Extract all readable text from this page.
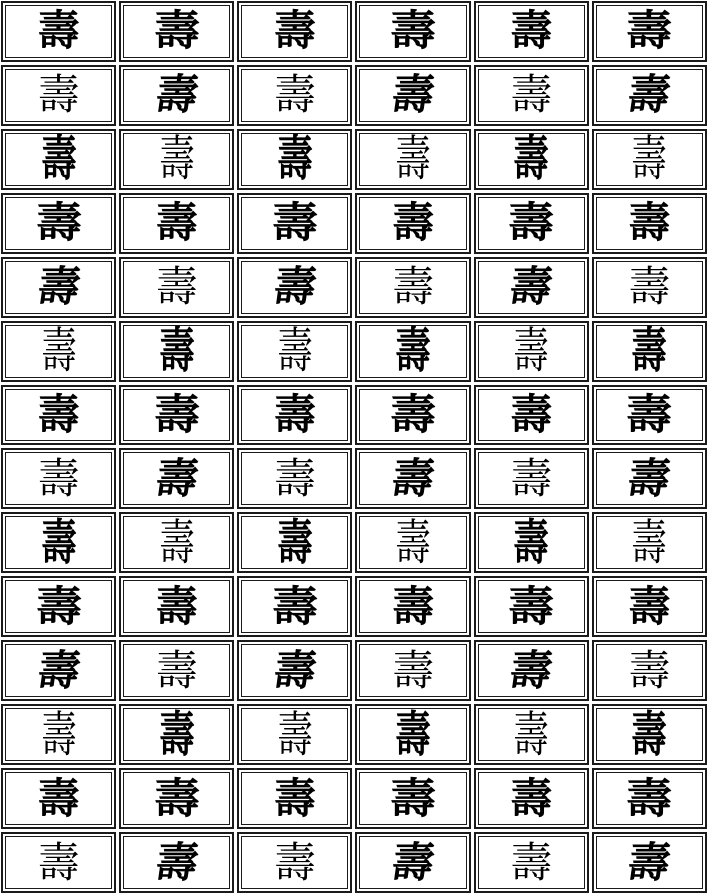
壽 壽 壽 壽 壽 壽
壽 壽 壽 壽 壽 壽
壽 壽 壽 壽 壽 壽
壽 壽 壽 壽 壽 壽
壽 壽 壽 壽 壽 壽
壽 壽 壽 壽 壽 壽
壽 壽 壽 壽 壽 壽
壽 壽 壽 壽 壽 壽
壽 壽 壽 壽 壽 壽
壽 壽 壽 壽 壽 壽
壽 壽 壽 壽 壽 壽
壽 壽 壽 壽 壽 壽
壽 壽 壽 壽 壽 壽
壽 壽 壽 壽 壽 壽
